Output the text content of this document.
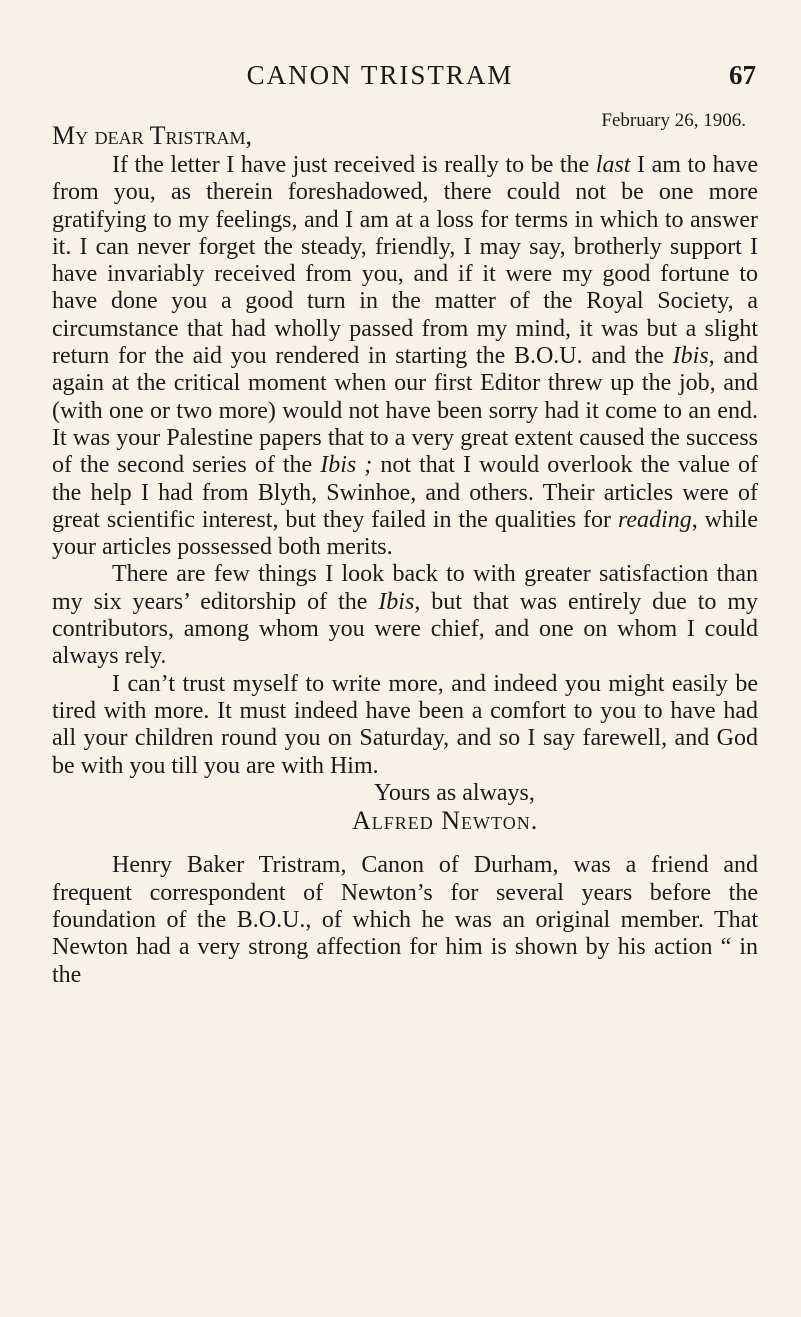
CANON TRISTRAM	67
February 26, 1906.
My dear Tristram,

If the letter I have just received is really to be the last I am to have from you, as therein foreshadowed, there could not be one more gratifying to my feelings, and I am at a loss for terms in which to answer it. I can never forget the steady, friendly, I may say, brotherly support I have invariably received from you, and if it were my good fortune to have done you a good turn in the matter of the Royal Society, a circumstance that had wholly passed from my mind, it was but a slight return for the aid you rendered in starting the B.O.U. and the Ibis, and again at the critical moment when our first Editor threw up the job, and (with one or two more) would not have been sorry had it come to an end. It was your Palestine papers that to a very great extent caused the success of the second series of the Ibis ; not that I would overlook the value of the help I had from Blyth, Swinhoe, and others. Their articles were of great scientific interest, but they failed in the qualities for reading, while your articles possessed both merits.

There are few things I look back to with greater satisfaction than my six years’ editorship of the Ibis, but that was entirely due to my contributors, among whom you were chief, and one on whom I could always rely.

I can’t trust myself to write more, and indeed you might easily be tired with more. It must indeed have been a comfort to you to have had all your children round you on Saturday, and so I say farewell, and God be with you till you are with Him.

Yours as always,
Alfred Newton.

Henry Baker Tristram, Canon of Durham, was a friend and frequent correspondent of Newton’s for several years before the foundation of the B.O.U., of which he was an original member. That Newton had a very strong affection for him is shown by his action “ in the
